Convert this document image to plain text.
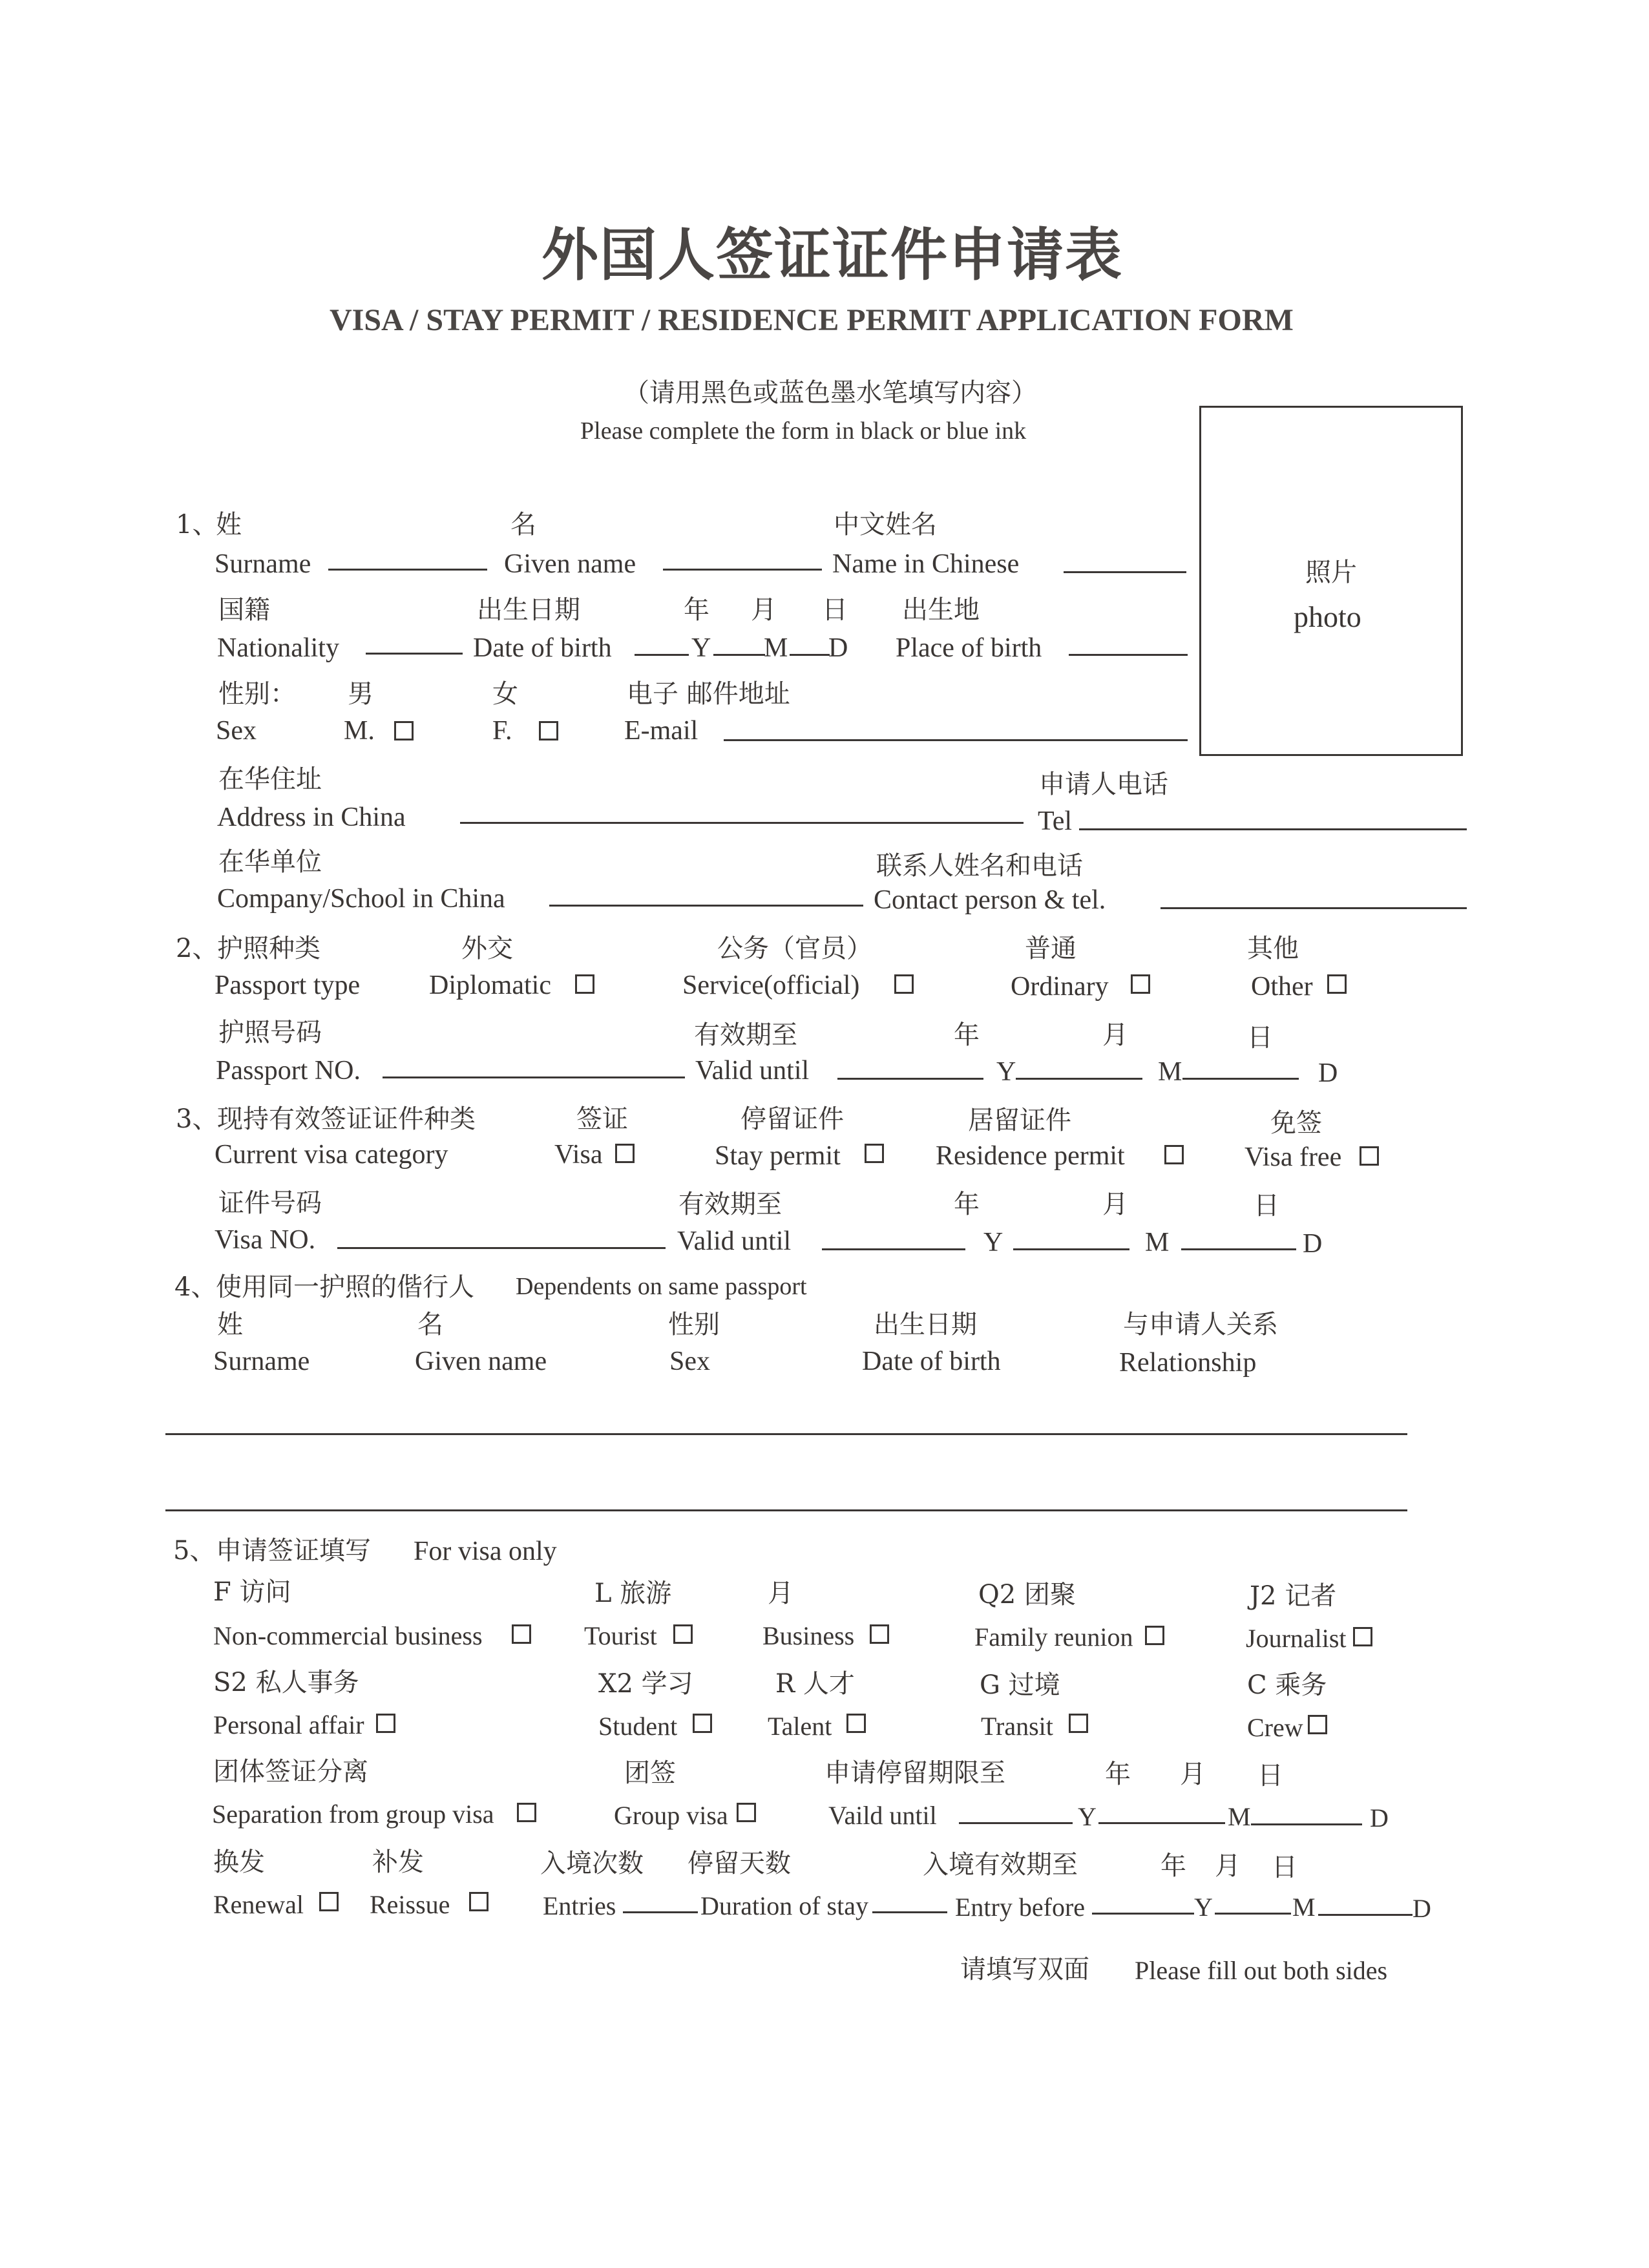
外国人签证证件申请表
VISA / STAY PERMIT / RESIDENCE PERMIT APPLICATION FORM
（请用黑色或蓝色墨水笔填写内容）
Please complete the form in black or blue ink
照片
photo
1、
姓
Surname
名
Given name
中文姓名
Name in Chinese
国籍
Nationality
出生日期
Date of birth
年
Y
月
M
日
D
出生地
Place of birth
性别：
Sex
男
M.
女
F.
电子 邮件地址
E-mail
在华住址
Address in China
申请人电话
Tel
在华单位
Company/School in China
联系人姓名和电话
Contact person & tel.
2、
护照种类
Passport type
外交
Diplomatic
公务（官员）
Service(official)
普通
Ordinary
其他
Other
护照号码
Passport NO.
有效期至
Valid until
年
Y
月
M
日
D
3、
现持有效签证证件种类
Current visa category
签证
Visa
停留证件
Stay permit
居留证件
Residence permit
免签
Visa free
证件号码
Visa NO.
有效期至
Valid until
年
Y
月
M
日
D
4、
使用同一护照的偕行人 Dependents on same passport
姓
Surname
名
Given name
性别
Sex
出生日期
Date of birth
与申请人关系
Relationship
5、 申请签证填写 For visa only
F 访问
Non-commercial business
L 旅游
Tourist
月
Business
Q2 团聚
Family reunion
J2 记者
Journalist
S2 私人事务
Personal affair
X2 学习
Student
R 人才
Talent
G 过境
Transit
C 乘务
Crew
团体签证分离
Separation from group visa
团签
Group visa
申请停留期限至
Vaild until
年
Y
月
M
日
D
换发
Renewal
补发
Reissue
入境次数
Entries
停留天数
Duration of stay
入境有效期至
Entry before
年
Y
月
M
日
D
请填写双面 Please fill out both sides
